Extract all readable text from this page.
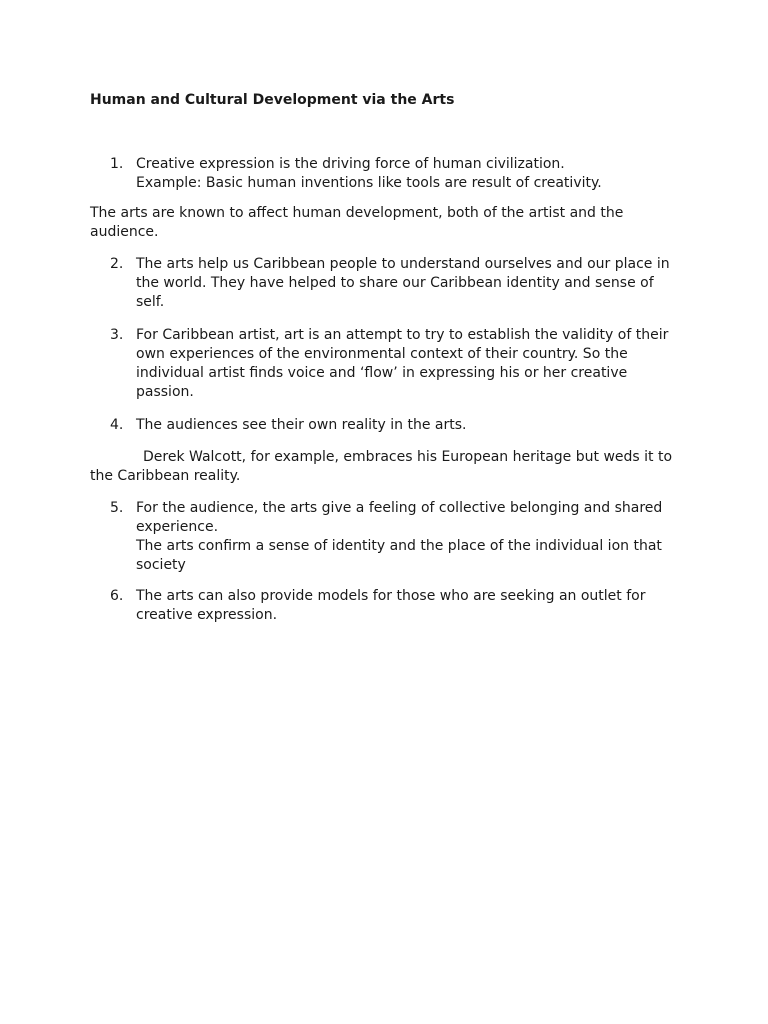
Human and Cultural Development via the Arts
1. Creative expression is the driving force of human civilization.
Example: Basic human inventions like tools are result of creativity.
The arts are known to affect human development, both of the artist and the audience.
2. The arts help us Caribbean people to understand ourselves and our place in the world. They have helped to share our Caribbean identity and sense of self.
3. For Caribbean artist, art is an attempt to try to establish the validity of their own experiences of the environmental context of their country. So the individual artist finds voice and ‘flow’ in expressing his or her creative passion.
4. The audiences see their own reality in the arts.
Derek Walcott, for example, embraces his European heritage but weds it to the Caribbean reality.
5. For the audience, the arts give a feeling of collective belonging and shared experience.
The arts confirm a sense of identity and the place of the individual ion that society
6. The arts can also provide models for those who are seeking an outlet for creative expression.
